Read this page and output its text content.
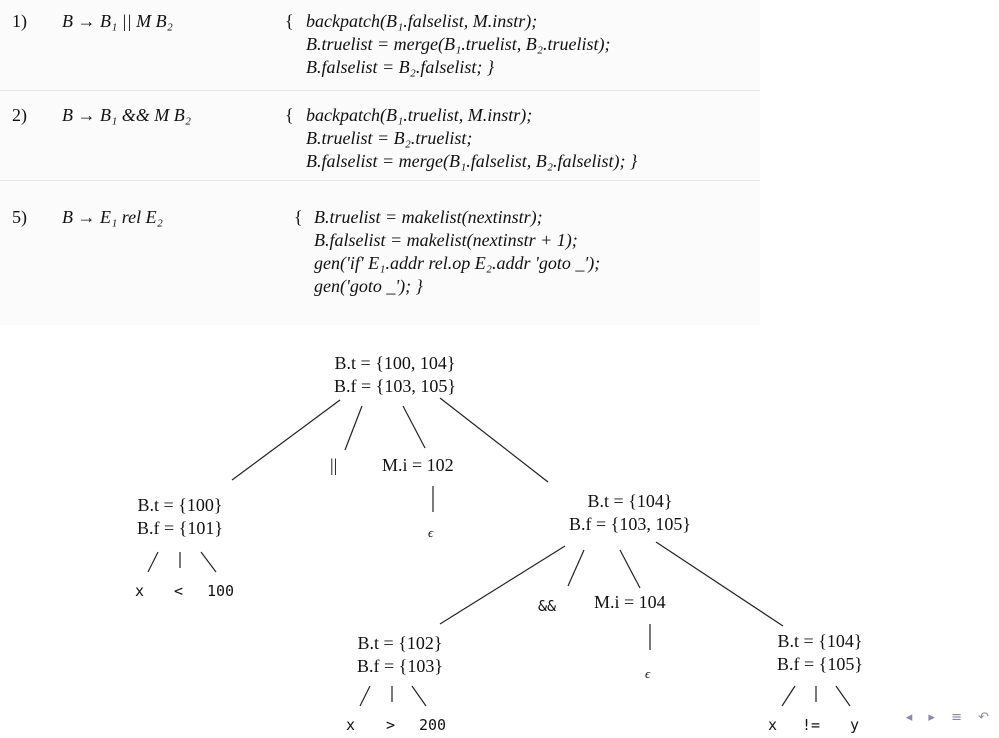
1) B → B₁ || M B₂	{ backpatch(B₁.falselist, M.instr);
B.truelist = merge(B₁.truelist, B₂.truelist);
B.falselist = B₂.falselist; }
2) B → B₁ && M B₂	{ backpatch(B₁.truelist, M.instr);
B.truelist = B₂.truelist;
B.falselist = merge(B₁.falselist, B₂.falselist); }
5) B → E₁ rel E₂	{ B.truelist = makelist(nextinstr);
B.falselist = makelist(nextinstr + 1);
gen('if' E₁.addr rel.op E₂.addr 'goto _');
gen('goto _'); }
B.t = {100, 104}
B.f = {103, 105}
|| M.i = 102
ϵ
B.t = {100}
B.f = {101}
x < 100
B.t = {104}
B.f = {103, 105}
&& M.i = 104
ϵ
B.t = {102}
B.f = {103}
x > 200
B.t = {104}
B.f = {105}
x != y	◂ ▸ ≡ ↶
